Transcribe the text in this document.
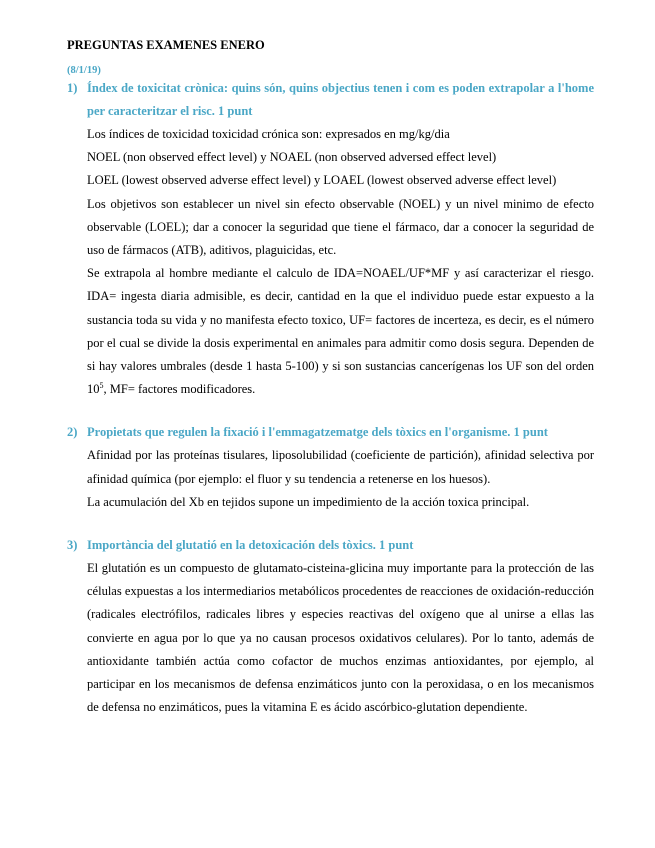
PREGUNTAS EXAMENES ENERO
(8/1/19)
1) Índex de toxicitat crònica: quins són, quins objectius tenen i com es poden extrapolar a l'home per caracteritzar el risc. 1 punt

Los índices de toxicidad toxicidad crónica son: expresados en mg/kg/dia

NOEL (non observed effect level) y NOAEL (non observed adversed effect level)

LOEL (lowest observed adverse effect level) y LOAEL (lowest observed adverse effect level)

Los objetivos son establecer un nivel sin efecto observable (NOEL) y un nivel minimo de efecto observable (LOEL); dar a conocer la seguridad que tiene el fármaco, dar a conocer la seguridad de uso de fármacos (ATB), aditivos, plaguicidas, etc.

Se extrapola al hombre mediante el calculo de IDA=NOAEL/UF*MF y así caracterizar el riesgo. IDA= ingesta diaria admisible, es decir, cantidad en la que el individuo puede estar expuesto a la sustancia toda su vida y no manifesta efecto toxico, UF= factores de incerteza, es decir, es el número por el cual se divide la dosis experimental en animales para admitir como dosis segura. Dependen de si hay valores umbrales (desde 1 hasta 5-100) y si son sustancias cancerígenas los UF son del orden $10^5$, MF= factores modificadores.

2) Propietats que regulen la fixació i l'emmagatzematge dels tòxics en l'organisme. 1 punt

Afinidad por las proteínas tisulares, liposolubilidad (coeficiente de partición), afinidad selectiva por afinidad química (por ejemplo: el fluor y su tendencia a retenerse en los huesos).

La acumulación del Xb en tejidos supone un impedimiento de la acción toxica principal.

3) Importància del glutatió en la detoxicación dels tòxics. 1 punt

El glutatión es un compuesto de glutamato-cisteina-glicina muy importante para la protección de las células expuestas a los intermediarios metabólicos procedentes de reacciones de oxidación-reducción (radicales electrófilos, radicales libres y especies reactivas del oxígeno que al unirse a ellas las convierte en agua por lo que ya no causan procesos oxidativos celulares). Por lo tanto, además de antioxidante también actúa como cofactor de muchos enzimas antioxidantes, por ejemplo, al participar en los mecanismos de defensa enzimáticos junto con la peroxidasa, o en los mecanismos de defensa no enzimáticos, pues la vitamina E es ácido ascórbico-glutation dependiente.
